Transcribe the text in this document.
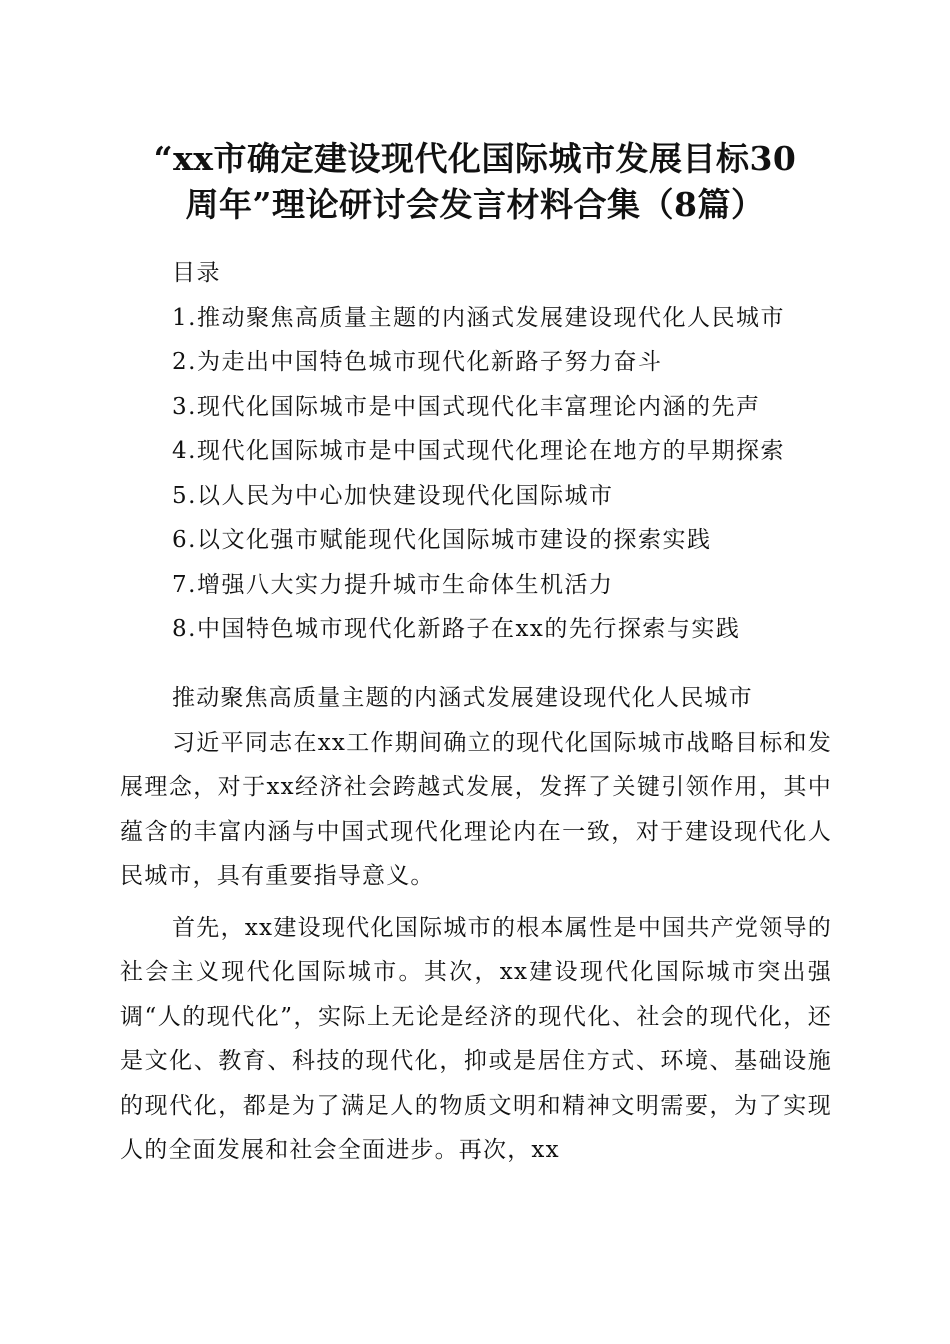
“xx市确定建设现代化国际城市发展目标30
周年”理论研讨会发言材料合集（8篇）
目录
1.推动聚焦高质量主题的内涵式发展建设现代化人民城市
2.为走出中国特色城市现代化新路子努力奋斗
3.现代化国际城市是中国式现代化丰富理论内涵的先声
4.现代化国际城市是中国式现代化理论在地方的早期探索
5.以人民为中心加快建设现代化国际城市
6.以文化强市赋能现代化国际城市建设的探索实践
7.增强八大实力提升城市生命体生机活力
8.中国特色城市现代化新路子在xx的先行探索与实践
推动聚焦高质量主题的内涵式发展建设现代化人民城市

习近平同志在xx工作期间确立的现代化国际城市战略目标和发展理念，对于xx经济社会跨越式发展，发挥了关键引领作用，其中蕴含的丰富内涵与中国式现代化理论内在一致，对于建设现代化人民城市，具有重要指导意义。

首先，xx建设现代化国际城市的根本属性是中国共产党领导的社会主义现代化国际城市。其次，xx建设现代化国际城市突出强调“人的现代化”，实际上无论是经济的现代化、社会的现代化，还是文化、教育、科技的现代化，抑或是居住方式、环境、基础设施的现代化，都是为了满足人的物质文明和精神文明需要，为了实现人的全面发展和社会全面进步。再次，xx
